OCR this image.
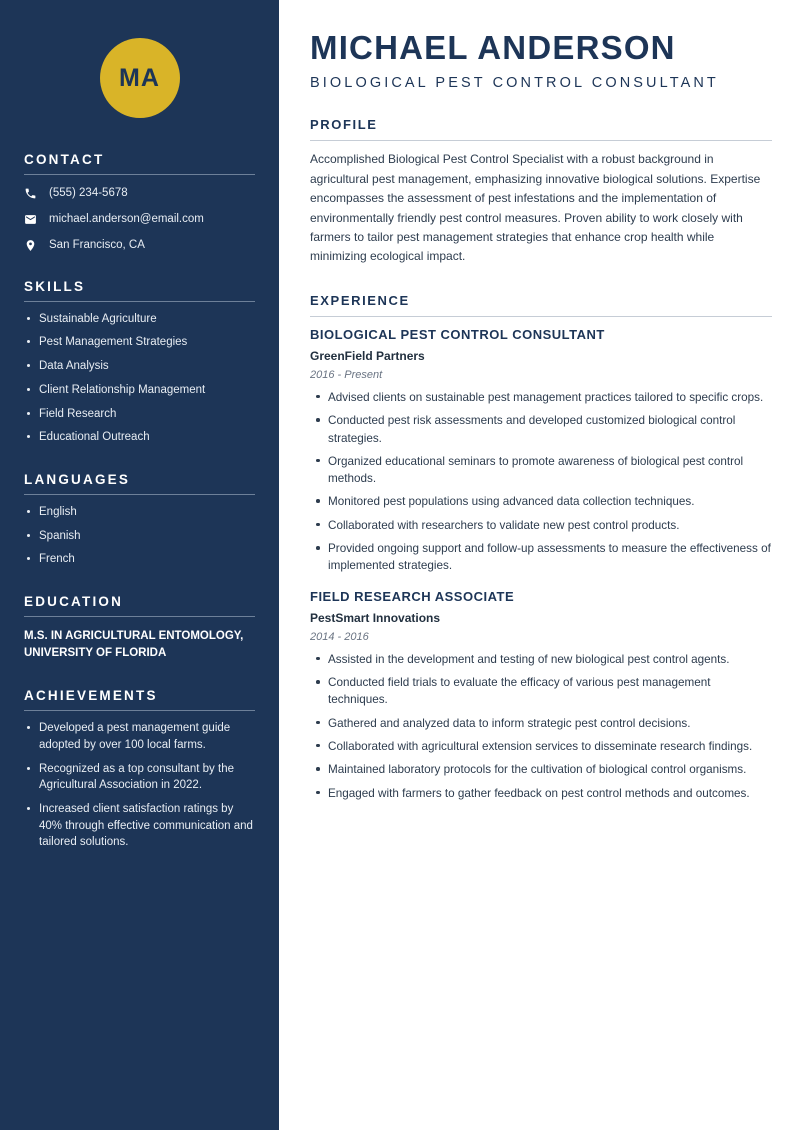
MA
CONTACT
(555) 234-5678
michael.anderson@email.com
San Francisco, CA
SKILLS
Sustainable Agriculture
Pest Management Strategies
Data Analysis
Client Relationship Management
Field Research
Educational Outreach
LANGUAGES
English
Spanish
French
EDUCATION
M.S. IN AGRICULTURAL ENTOMOLOGY, UNIVERSITY OF FLORIDA
ACHIEVEMENTS
Developed a pest management guide adopted by over 100 local farms.
Recognized as a top consultant by the Agricultural Association in 2022.
Increased client satisfaction ratings by 40% through effective communication and tailored solutions.
MICHAEL ANDERSON
BIOLOGICAL PEST CONTROL CONSULTANT
PROFILE

Accomplished Biological Pest Control Specialist with a robust background in agricultural pest management, emphasizing innovative biological solutions. Expertise encompasses the assessment of pest infestations and the implementation of environmentally friendly pest control measures. Proven ability to work closely with farmers to tailor pest management strategies that enhance crop health while minimizing ecological impact.

EXPERIENCE
BIOLOGICAL PEST CONTROL CONSULTANT
GreenField Partners
2016 - Present
Advised clients on sustainable pest management practices tailored to specific crops.
Conducted pest risk assessments and developed customized biological control strategies.
Organized educational seminars to promote awareness of biological pest control methods.
Monitored pest populations using advanced data collection techniques.
Collaborated with researchers to validate new pest control products.
Provided ongoing support and follow-up assessments to measure the effectiveness of implemented strategies.
FIELD RESEARCH ASSOCIATE
PestSmart Innovations
2014 - 2016
Assisted in the development and testing of new biological pest control agents.
Conducted field trials to evaluate the efficacy of various pest management techniques.
Gathered and analyzed data to inform strategic pest control decisions.
Collaborated with agricultural extension services to disseminate research findings.
Maintained laboratory protocols for the cultivation of biological control organisms.
Engaged with farmers to gather feedback on pest control methods and outcomes.
